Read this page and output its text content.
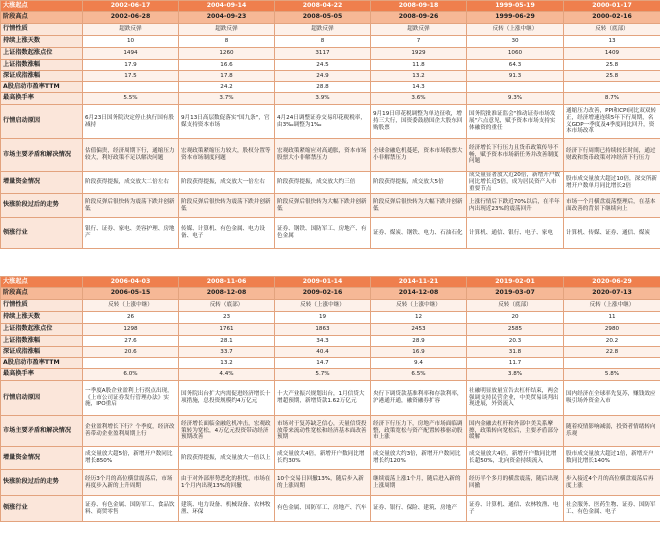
大涨起点	2002-06-17	2004-09-14	2008-04-22	2008-09-18	1999-05-19	2000-01-17
阶段高点	2002-06-28	2004-09-23	2008-05-05	2008-09-26	1999-06-29	2000-02-16
行情性质	超跌反弹	超跌反弹	超跌反弹	超跌反弹	反转（上涨中继）	反转（底部）
持续上涨天数	10	8	8	7	30	13
上证指数起涨点位	1494	1260	3117	1929	1060	1409
上证指数涨幅	17.9	16.6	24.5	11.8	64.3	25.8
深证成指涨幅	17.5	17.8	24.9	13.2	91.3	25.8
A股启动市盈率TTM		24.2	28.8	14.3		
最高换手率	5.5%	3.7%	3.9%	3.6%	9.3%	8.7%
行情启动原因	6月23日国务院决定停止执行国有股减持	9月13日高层数促落实"国九条"，官媒支持资本市场	4月24日调整证券交易印花税税率，由3‰调整为1‰	9月19日印花税调整为单边征收，增持三大行，国资委鼓励国企大股东回购股票	国务院批准证监会"推动证券市场发展"六点意见，赋予资本市场支持实体融资的重任	通缩压力改善，PPI和CPI同比双双转正，经济增速连续5年下行周期，名义GDP一季度及4季度同比回升，资本市场改革
市场主要矛盾和解决情况	估值偏贵，经济周期下行，通缩压力较大，利好政策不足以解决问题	宏观政策紧缩压力较大，股权分置等资本市场制度问题	宏观政策紧缩应对高通胀，资本市场股票大小非解禁压力	全球金融危机蔓延，资本市场股票大小非解禁压力	经济增长下行压力且货币政策传导不畅，赋予资本市场新任务并改善制度问题	经济下行周期已持续较长时间，通过财政和货币政策对冲经济下行压力
增量资金情况	阶段获得提振，成交放大二倍左右	阶段获得提振，成交放大一倍左右	阶段获得提振，成交放大约三倍	阶段获得提振，成交放大5倍	成交量显著放大近20倍，新增开户数同比增长近5倍，成为居民资产入市重要节点	股市成交量放大超过10倍，深交所新增开户数单月同比增长2倍
快涨阶段过后的走势	阶段反弹后很快转为震荡下跌并创新低	阶段反弹后很快转为震荡下跌并创新低	阶段反弹后很快转为大幅下跌并创新低	阶段反弹后很快转为大幅下跌并创新低	上涨行情后下跌近70%以后，在半年内出现近23%的震荡回升	市场一个月横盘震荡整理后，在基本面改善的背景下继续向上
领涨行业	银行、证券、家电、美容护理、房地产	传媒、计算机、有色金属、电力设备、电子	证券、钢铁、国防军工、房地产、有色金属	证券、煤炭、钢铁、电力、石油石化	计算机、通信、银行、电子、家电	计算机、传媒、证券、通信、煤炭
大涨起点	2006-04-03	2008-11-06	2009-01-14	2014-11-21	2019-02-01	2020-06-29
阶段高点	2006-05-15	2008-12-08	2009-02-16	2014-12-08	2019-03-07	2020-07-13
行情性质	反转（上涨中继）	反转（底部）	反转（上涨中继）	反转（上涨中继）	反转（底部）	反转（上涨中继）
持续上涨天数	26	23	19	12	20	11
上证指数起涨点位	1298	1761	1863	2453	2585	2980
上证指数涨幅	27.6	28.1	34.3	28.9	20.3	20.2
深证成指涨幅	20.6	33.7	40.4	16.9	31.8	22.8
A股启动市盈率TTM		13.2	14.7	9.4	11.7	
最高换手率	6.0%	4.4%	5.7%	6.5%	3.8%	5.8%
行情启动原因	一季度A股企业盈利上行拐点出现，《上市公司证券发行管理办法》实施，IPO重启	国务院出台扩大内需促进经济增长十项措施，总投资规模约4万亿元	十大产业振兴规划出台，1月信贷大增超预期，新增贷款1.62万亿元	央行下调贷款基准利率和存款利率，沪港通开通，融资融券扩容	社融明显放量宣告去杠杆结束，两会强调支持民营企业，中美贸易谈判出现进展，外资流入	国内经济在全球率先复苏，赚钱效应吸引场外资金入市
市场主要矛盾和解决情况	企业盈利增长下行？个季度，经济改善带动企业盈利周期上行	经济增长面临金融危机冲击，宏观政策转为宽松，4万亿元投资带动经济预期改善	市场对于复苏缺乏信心，天量信贷投放带来流动性宽松和经济基本面改善预期	经济下行压力下，房地产市场面临调整，政策宽松与资产配置转移驱动股市上涨	国内金融去杠杆和外部中美关系摩擦，政策转向宽松后，主要矛盾部分缓解	随着疫情影响减弱，投资者情绪转向乐观
增量资金情况	成交量放大超5倍，新增开户数同比增长850%	阶段获得提振，成交量放大一倍以上	成交量放大4倍，新增开户数同比增长约30%	成交量放大约3倍，新增开户数同比增长约120%	成交量放大4倍，新增开户数同比增长超50%，北向资金持续流入	股市成交量放大超过1倍，新增开户数同比增长140%
快涨阶段过后的走势	经历3个月的高位横盘震荡后，市场再度步入新的上升周期	由于对外部形势恶化的担忧，市场在1个月内出现13%的回撤	10个交易日回撤13%，随后步入新的上涨周期	继续震荡上涨1个月，随后进入新的上涨周期	经历半个多月的横盘震荡，随后出现回撤	步入接近4个月的高位横盘震荡后再度上涨
领涨行业	证券、有色金属、国防军工、食品饮料、商贸零售	建筑、电力设备、机械设备、农林牧渔、环保	有色金属、国防军工、房地产、汽车	证券、银行、保险、建筑、房地产	证券、计算机、通信、农林牧渔、电子	社会服务、医药生物、证券、国防军工、有色金属、电子
